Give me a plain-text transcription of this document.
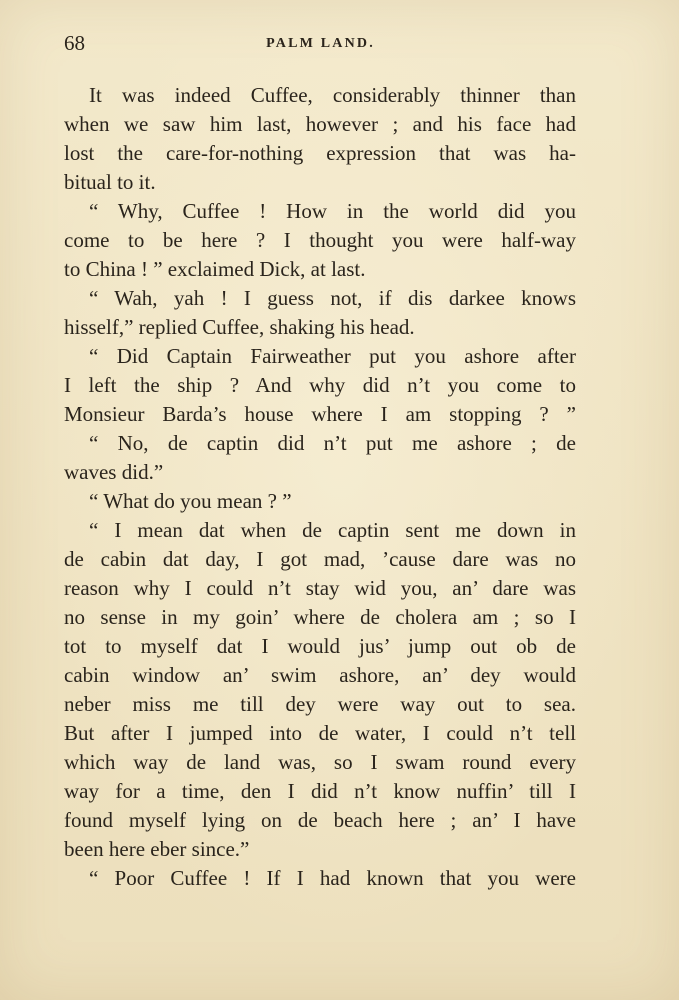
68	PALM LAND.
It was indeed Cuffee, considerably thinner than
when we saw him last, however ; and his face had
lost the care-for-nothing expression that was ha-
bitual to it.
“ Why, Cuffee ! How in the world did you
come to be here ? I thought you were half-way
to China ! ” exclaimed Dick, at last.
“ Wah, yah ! I guess not, if dis darkee knows
hisself,” replied Cuffee, shaking his head.
“ Did Captain Fairweather put you ashore after
I left the ship ? And why did n’t you come to
Monsieur Barda’s house where I am stopping ? ”
“ No, de captin did n’t put me ashore ; de
waves did.”
“ What do you mean ? ”
“ I mean dat when de captin sent me down in
de cabin dat day, I got mad, ’cause dare was no
reason why I could n’t stay wid you, an’ dare was
no sense in my goin’ where de cholera am ; so I
tot to myself dat I would jus’ jump out ob de
cabin window an’ swim ashore, an’ dey would
neber miss me till dey were way out to sea.
But after I jumped into de water, I could n’t tell
which way de land was, so I swam round every
way for a time, den I did n’t know nuffin’ till I
found myself lying on de beach here ; an’ I have
been here eber since.”
“ Poor Cuffee ! If I had known that you were
